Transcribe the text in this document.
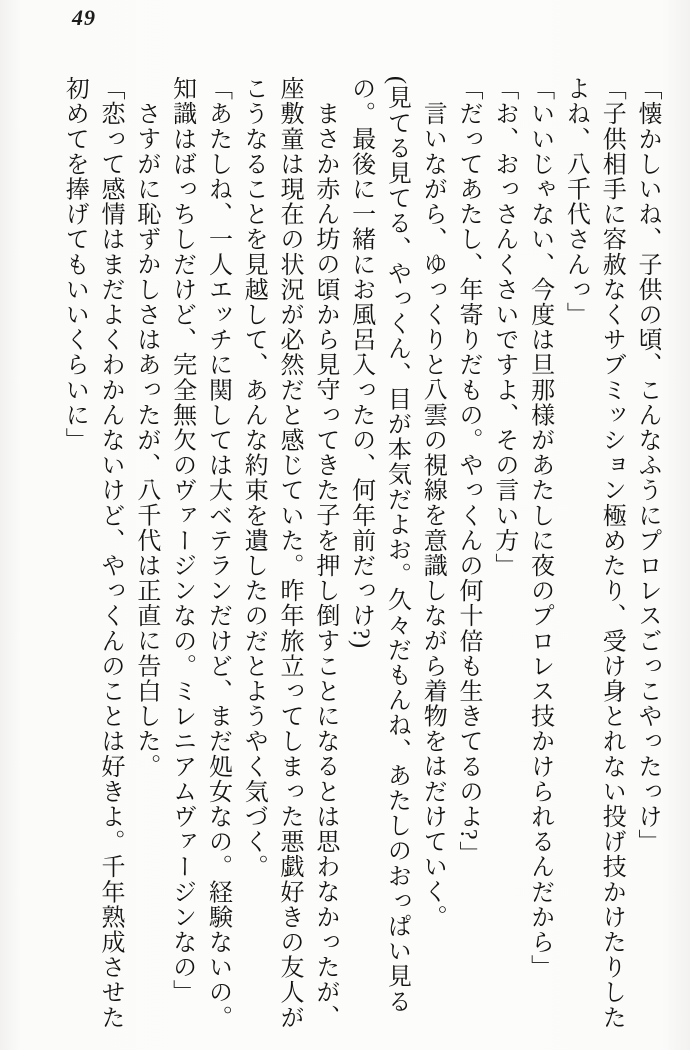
49
「懐かしいね、子供の頃、こんなふうにプロレスごっこやったっけ」
「子供相手に容赦なくサブミッション極めたり、受け身とれない投げ技かけたりした
よね、八千代さんっ」
「いいじゃない、今度は旦那様があたしに夜のプロレス技かけられるんだから」
「お、おっさんくさいですよ、その言い方」
「だってあたし、年寄りだもの。やっくんの何十倍も生きてるのよ?」
言いながら、ゆっくりと八雲の視線を意識しながら着物をはだけていく。
(見てる見てる、やっくん、目が本気だよお。久々だもんね、あたしのおっぱい見る
の。最後に一緒にお風呂入ったの、何年前だっけ?)
まさか赤ん坊の頃から見守ってきた子を押し倒すことになるとは思わなかったが、
座敷童は現在の状況が必然だと感じていた。昨年旅立ってしまった悪戯好きの友人が
こうなることを見越して、あんな約束を遺したのだとようやく気づく。
「あたしね、一人エッチに関しては大ベテランだけど、まだ処女なの。経験ないの。
知識はばっちしだけど、完全無欠のヴァージンなの。ミレニアムヴァージンなの」
さすがに恥ずかしさはあったが、八千代は正直に告白した。
「恋って感情はまだよくわかんないけど、やっくんのことは好きよ。千年熟成させた
初めてを捧げてもいいくらいに」
